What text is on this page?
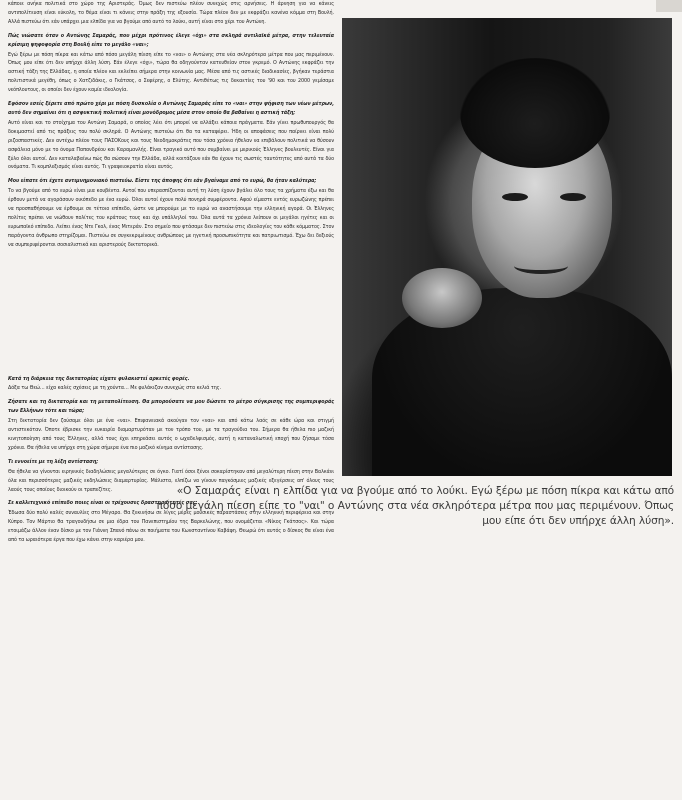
κάποιε ανήκα πολιτικά στο χώρο της Αριστεράς. Όμως δεν πιστεύω πλέον συνεχώς στις αρνήσεις. Η άρνηση για να κάνεις αντιπολίτευση είναι εύκολη, το θέμα είναι τι κάνεις στην πράξη της εξουσία. Τώρα πλέον δεν με εκφράζει κανένα κόμμα στη Βουλή. Αλλά πιστεύω ότι εάν υπάρχει μια ελπίδα για να βγούμε από αυτό το λούκι, αυτή είναι στο χέρι του Αντώνη.

Πώς νιώσατε όταν ο Αντώνης Σαμαράς, που μέχρι πρότινος έλεγε «όχι» στα σκληρά αντιλαϊκά μέτρα, στην τελευταία κρίσιμη ψηφοφορία στη Βουλή είπε το μεγάλο «ναι»;

Εγώ ξέρω με πόση πίκρα και κάτω από πόσο μεγάλη πίεση είπε το «ναι» ο Αντώνης στα νέα σκληρότερα μέτρα που μας περιμένουν. Όπως μου είπε ότι δεν υπήρχε άλλη λύση. Εάν έλεγε «όχι», τώρα θα οδηγούνταν κατευθείαν στον γκρεμό. Ο Αντώνης εκφράζει την αστική τάξη της Ελλάδας, η οποία πλέον και εκλείπει σήμερα στην κοινωνία μας. Μέσα από τις αστικές διαδικασίες, βγήκαν τεράστια πολιτιστικά μεγέθη, όπως ο Χατζιδάκις, ο Γκάτσος, ο Σεφέρης, ο Ελύτης. Αντιθέτως τις δεκαετίες του '90 και του 2000 γεμίσαμε νεόπλουτους, οι οποίοι δεν έχουν καμία ιδεολογία.

Εφόσον εσείς ξέρετε από πρώτο χέρι με πόση δυσκολία ο Αντώνης Σαμαράς είπε το «ναι» στην ψήφιση των νέων μέτρων, αυτό δεν σημαίνει ότι η ασφυκτική πολιτική είναι μονόδρομος μέσα στον οποίο θα βαθαίνει η αστική τάξη;

Αυτό είναι και το στοίχημα του Αντώνη Σαμαρά, ο οποίος λέει ότι μπορεί να αλλάξει κάποια πράγματα. Εάν γίνει πρωθυπουργός θα δοκιμαστεί από τις πράξεις του πολύ σκληρά. Ο Αντώνης πιστεύω ότι θα τα καταφέρει. Ήδη οι αποφάσεις που παίρνει είναι πολύ ριζοσπαστικές. Δεν αντέχω πλέον τους ΠΑΣΟΚους και τους Νεοδημοκράτες που τόσα χρόνια ήθελαν να επιβάλουν πολιτικά να θύσουν ασφάλεια μόνο με το όνομα Παπανδρέου και Καραμανλής. Είναι τραγικό αυτό που συμβαίνει με μερικούς Έλληνες βουλευτές. Είναι για ξύλο όλοι αυτοί. Δεν καταλαβαίνω πώς θα σώσουν την Ελλάδα, αλλά κοιτάζουν εάν θα έχουν τις σωστές ταυτότητες από αυτά τα δύο ονόματα. Τι κομπλεξισμός είναι αυτός. Τι γραφειοκρατία είναι αυτός.

Μου είπατε ότι έχετε αντιμνημονιακό πιστεύω. Είστε της άποψης ότι εάν βγαίναμε από το ευρώ, θα ήταν καλύτερα;

Το να βγούμε από το ευρώ είναι μια κουβέντα. Αυτοί που υπερασπίζονται αυτή τη λύση έχουν βγάλει όλο τους τα χρήματα έξω και θα έρθουν μετά να αγοράσουν οικόπεδο με ένα ευρώ. Όλοι αυτοί έχουν πολύ πονηρά συμφέροντα. Αφού είμαστε εντός ευρωζώνης πρέπει να προσπαθήσουμε να έρθουμε σε τέτοιο επίπεδο, ώστε να μπορούμε με το ευρώ να αναστήσουμε την ελληνική αγορά. Οι Έλληνες πολίτες πρέπει να νιώθουν πολίτες του κράτους τους και όχι υπάλληλοί του. Όλα αυτά τα χρόνια λείπουν οι μεγάλοι ηγέτες και οι ευρωπαϊκό επίπεδο. Λείπει ένας Ντε Γκολ, ένας Μιτεράν. Στο σημείο που φτάσαμε δεν πιστεύω στις ιδεολογίες του κάθε κόμματος. Στον παράγοντα άνθρωπο στηρίζομαι. Πιστεύω σε συγκεκριμένους ανθρώπους με ηγετική προσωπικότητα και πατριωτισμό. Έχω δει δεξιούς να συμπεριφέρονται σοσιαλιστικά και αριστερούς δικτατορικά.

Κατά τη διάρκεια της δικτατορίας είχατε φυλακιστεί αρκετές φορές.

Δόξα τω Θεώ… είχα καλές σχέσεις με τη χούντα… Με φυλάκιζαν συνεχώς στα κελιά της.

Ζήσατε και τη δικτατορία και τη μεταπολίτευση. Θα μπορούσατε να μου δώσετε το μέτρο σύγκρισης της συμπεριφοράς των Ελλήνων τότε και τώρα;

Στη δικτατορία δεν ζούσαμε όλοι με ένα «ναι». Επιφανειακά ακούγαν τον «ναι» και από κάτω λαός σε κάθε ώρα και στιγμή αντιστεκόταν. Όποτε έβρισκε την ευκαιρία διαμαρτυρόταν με τον τρόπο του, με τα τραγούδια του. Σήμερα θα ήθελα πιο μαζική κινητοποίηση από τους Έλληνες, αλλά τους έχει επηρεάσει αυτός ο ωχαδελφισμός, αυτή η καταναλωτική εποχή που ζήσαμε τόσα χρόνια. Θα ήθελα να υπήρχε στη χώρα σήμερα ένα πιο μαζικό κίνημα αντίστασης.

Τι εννοείτε με τη λέξη αντίσταση;

Θα ήθελα να γίνονται ειρηνικές διαδηλώσεις μεγαλύτερες σε όγκο. Γιατί όσοι ξένοι σοκαρίστηκαν από μεγαλύτερη πίεση στην Βαλκάνι όλα και περισσότερες μαζικές εκδηλώσεις διαμαρτυρίας. Μάλιστα, ελπίζω να γίνουν παγκόσμιες μαζικές εξεγέρσεις απ' όλους τους λαούς τους οποίους διοικούν οι τραπεζίτες.

Σε καλλιτεχνικό επίπεδο ποιες είναι οι τρέχουσες δραστηριότητές σας;

Έδωσα δύο πολύ καλές συναυλίες στο Μέγαρο. Θα ξεκινήσω σε λίγες μέρες μουσικές παραστάσεις στην ελληνική περιφέρεια και στην Κύπρο. Τον Μάρτιο θα τραγουδήσω σε μια έδρα του Πανεπιστημίου της Βαρκελώνης, που ονομάζεται «Νίκος Γκάτσος». Και τώρα ετοιμάζω άλλον έναν δίσκο με τον Γιάννη Σπανό πάνω σε ποιήματα του Κωνσταντίνου Καβάφη. Θεωρώ ότι αυτός ο δίσκος θα είναι ένα από τα ωραιότερα έργα που έχω κάνει στην καριέρα μου.

«Ο Σαμαράς είναι η ελπίδα για να βγούμε από το λούκι. Εγώ ξέρω με πόση πίκρα και κάτω από πόσο μεγάλη πίεση είπε το "ναι" ο Αντώνης στα νέα σκληρότερα μέτρα που μας περιμένουν. Όπως μου είπε ότι δεν υπήρχε άλλη λύση».
